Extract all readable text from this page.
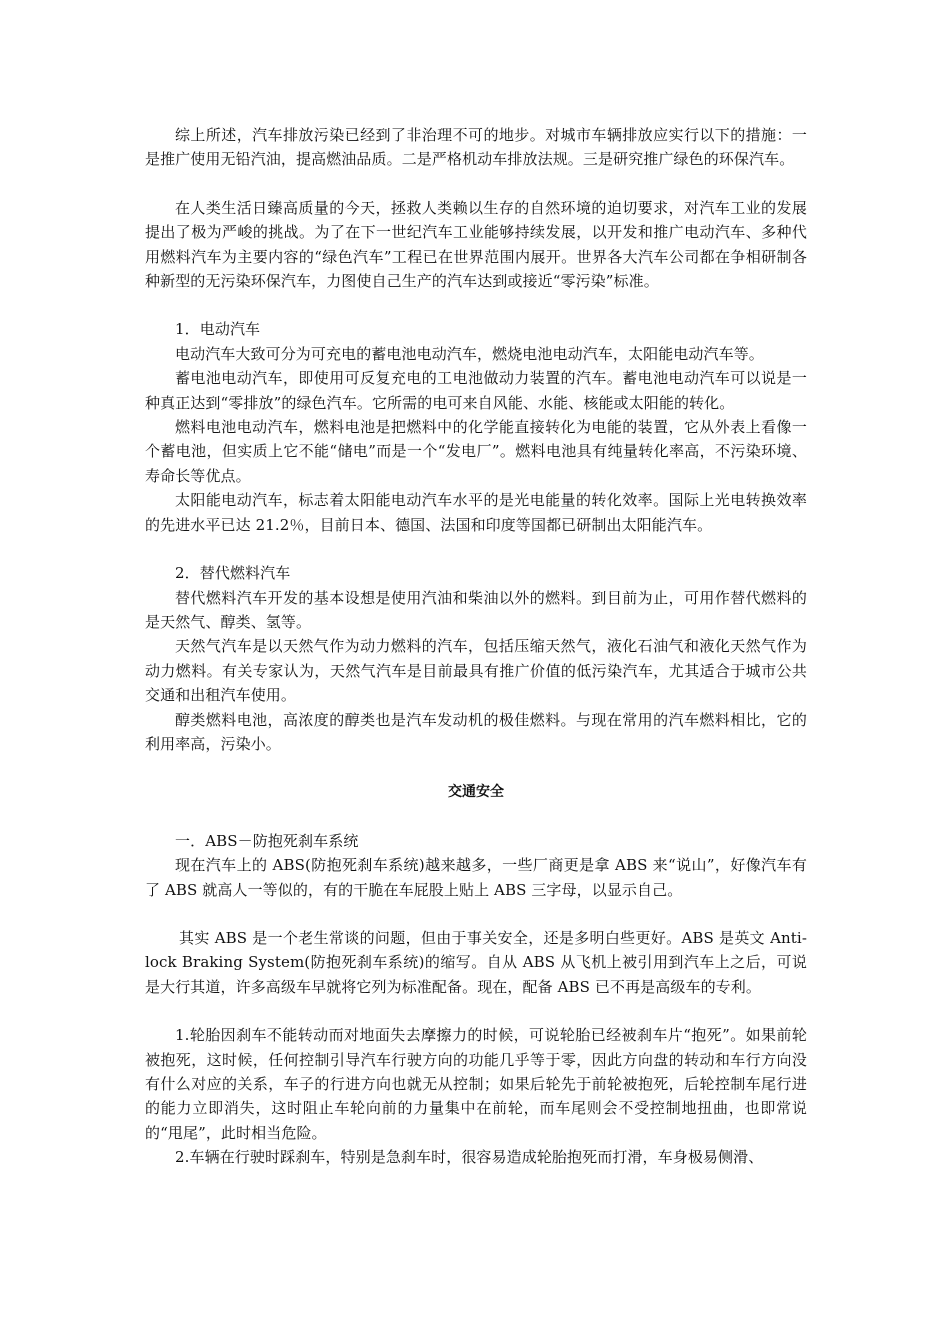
综上所述，汽车排放污染已经到了非治理不可的地步。对城市车辆排放应实行以下的措施：一是推广使用无铅汽油，提高燃油品质。二是严格机动车排放法规。三是研究推广绿色的环保汽车。

在人类生活日臻高质量的今天，拯救人类赖以生存的自然环境的迫切要求，对汽车工业的发展提出了极为严峻的挑战。为了在下一世纪汽车工业能够持续发展，以开发和推广电动汽车、多种代用燃料汽车为主要内容的“绿色汽车”工程已在世界范围内展开。世界各大汽车公司都在争相研制各种新型的无污染环保汽车，力图使自己生产的汽车达到或接近“零污染”标准。

1．电动汽车

电动汽车大致可分为可充电的蓄电池电动汽车，燃烧电池电动汽车，太阳能电动汽车等。

蓄电池电动汽车，即使用可反复充电的工电池做动力装置的汽车。蓄电池电动汽车可以说是一种真正达到“零排放”的绿色汽车。它所需的电可来自风能、水能、核能或太阳能的转化。

燃料电池电动汽车，燃料电池是把燃料中的化学能直接转化为电能的装置，它从外表上看像一个蓄电池，但实质上它不能“储电”而是一个“发电厂”。燃料电池具有纯量转化率高，不污染环境、寿命长等优点。

太阳能电动汽车，标志着太阳能电动汽车水平的是光电能量的转化效率。国际上光电转换效率的先进水平已达 21.2％，目前日本、德国、法国和印度等国都已研制出太阳能汽车。

2．替代燃料汽车

替代燃料汽车开发的基本设想是使用汽油和柴油以外的燃料。到目前为止，可用作替代燃料的是天然气、醇类、氢等。

天然气汽车是以天然气作为动力燃料的汽车，包括压缩天然气，液化石油气和液化天然气作为动力燃料。有关专家认为，天然气汽车是目前最具有推广价值的低污染汽车，尤其适合于城市公共交通和出租汽车使用。

醇类燃料电池，高浓度的醇类也是汽车发动机的极佳燃料。与现在常用的汽车燃料相比，它的利用率高，污染小。

交通安全

一．ABS－防抱死刹车系统

现在汽车上的 ABS(防抱死刹车系统)越来越多，一些厂商更是拿 ABS 来“说山”，好像汽车有了 ABS 就高人一等似的，有的干脆在车屁股上贴上 ABS 三字母，以显示自己。

其实 ABS 是一个老生常谈的问题，但由于事关安全，还是多明白些更好。ABS 是英文 Anti-lock Braking System(防抱死刹车系统)的缩写。自从 ABS 从飞机上被引用到汽车上之后，可说是大行其道，许多高级车早就将它列为标准配备。现在，配备 ABS 已不再是高级车的专利。

1.轮胎因刹车不能转动而对地面失去摩擦力的时候，可说轮胎已经被刹车片“抱死”。如果前轮被抱死，这时候，任何控制引导汽车行驶方向的功能几乎等于零，因此方向盘的转动和车行方向没有什么对应的关系，车子的行进方向也就无从控制；如果后轮先于前轮被抱死，后轮控制车尾行进的能力立即消失，这时阻止车轮向前的力量集中在前轮，而车尾则会不受控制地扭曲，也即常说的“甩尾”，此时相当危险。

2.车辆在行驶时踩刹车，特别是急刹车时，很容易造成轮胎抱死而打滑，车身极易侧滑、
